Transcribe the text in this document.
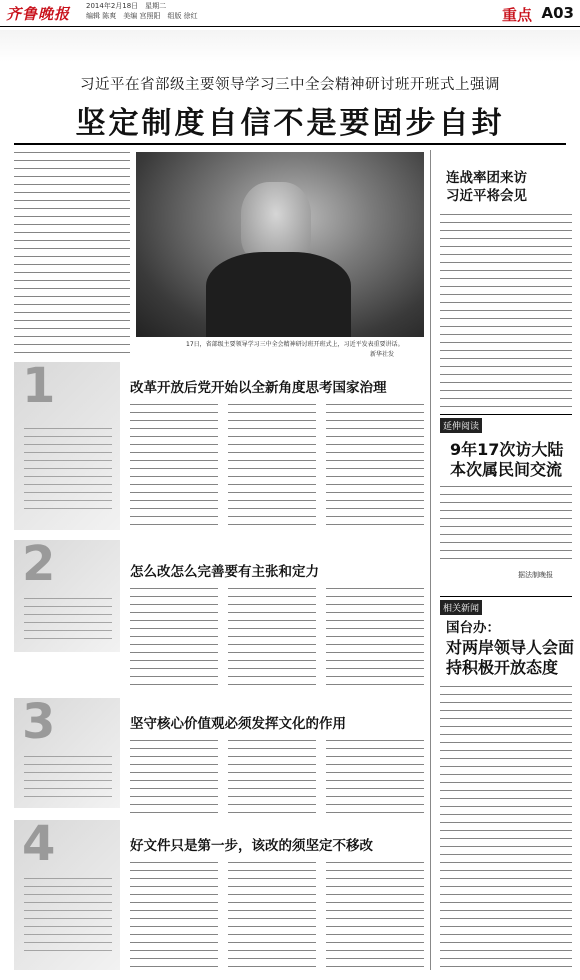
齐鲁晚报 2014年2月18日　星期二
编辑 陈爽　美编 宫照阳　组版 徐红	重点 A03
习近平在省部级主要领导学习三中全会精神研讨班开班式上强调
坚定制度自信不是要固步自封
17日，省部级主要领导学习三中全会精神研讨班开班式上，习近平发表重要讲话。
新华社发
1	改革开放后党开始以全新角度思考国家治理
2	怎么改怎么完善要有主张和定力
3	坚守核心价值观必须发挥文化的作用
4	好文件只是第一步，该改的须坚定不移改
连战率团来访
习近平将会见
延伸阅读
9年17次访大陆
本次属民间交流
据法制晚报
相关新闻
国台办：
对两岸领导人会面
持积极开放态度
